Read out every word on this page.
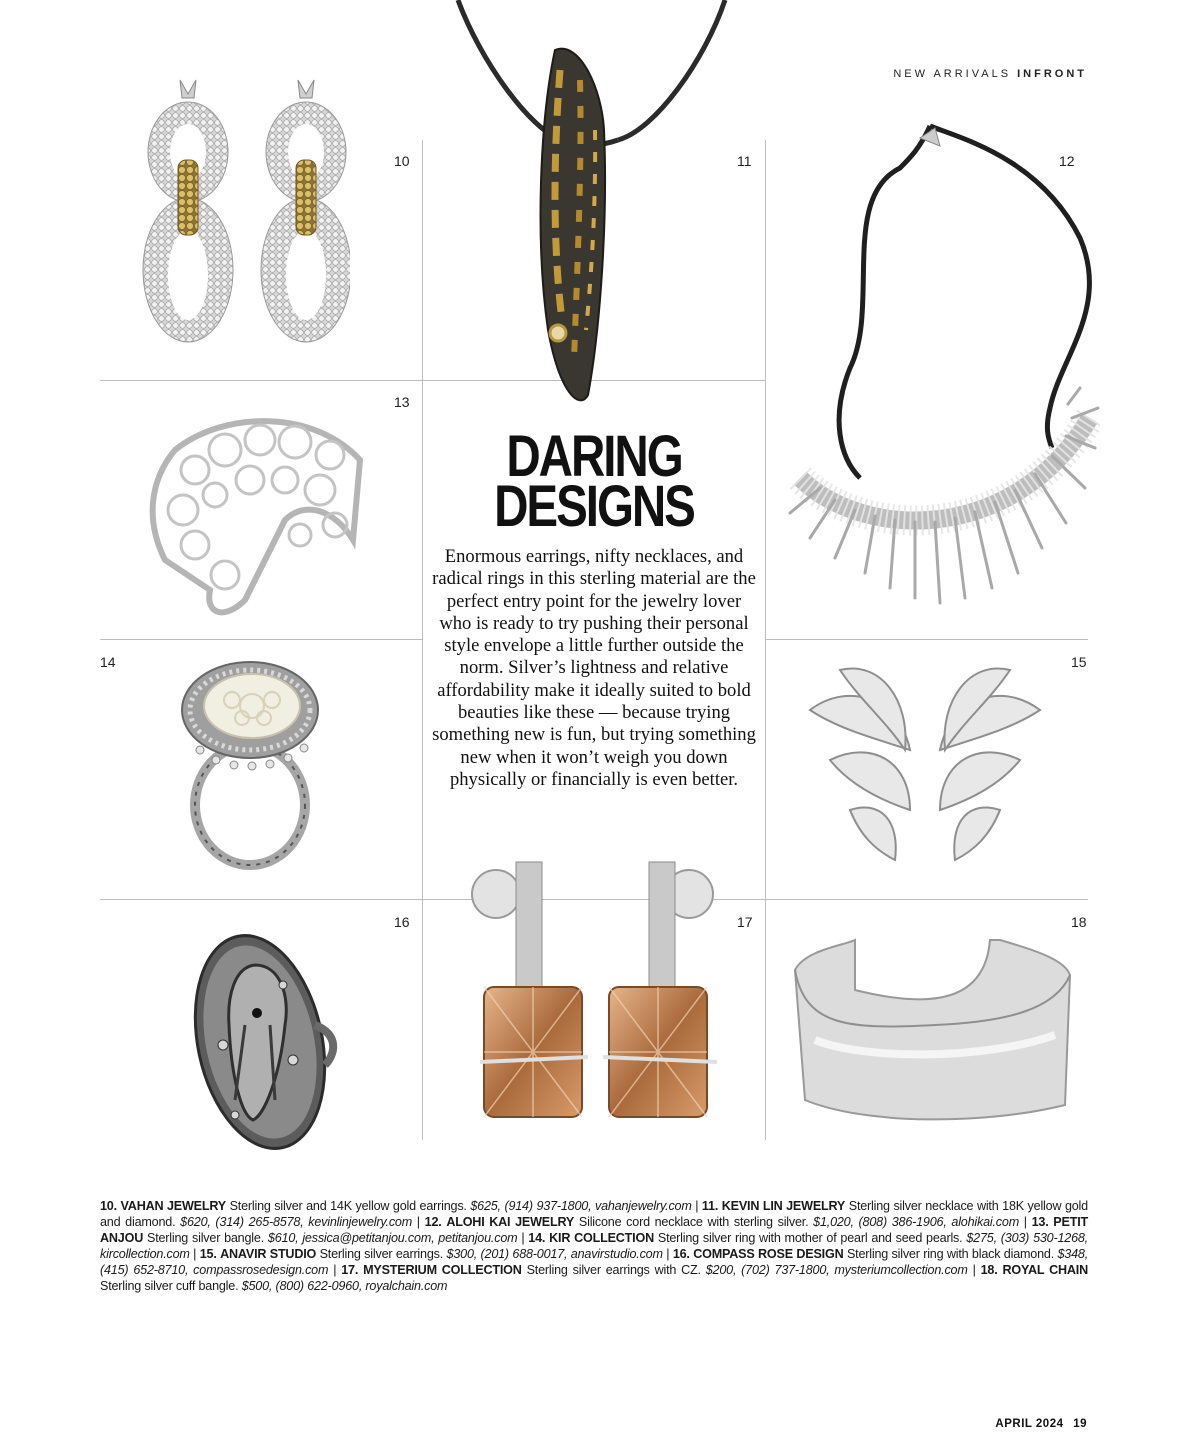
NEW ARRIVALS INFRONT
10	11	12
13
14	15
16	17	18
DARING
DESIGNS
Enormous earrings, nifty necklaces, and radical rings in this sterling material are the perfect entry point for the jewelry lover who is ready to try pushing their personal style envelope a little further outside the norm. Silver’s lightness and relative affordability make it ideally suited to bold beauties like these — because trying something new is fun, but trying something new when it won’t weigh you down physically or financially is even better.
10. VAHAN JEWELRY Sterling silver and 14K yellow gold earrings. $625, (914) 937-1800, vahanjewelry.com | 11. KEVIN LIN JEWELRY Sterling silver necklace with 18K yellow gold and diamond. $620, (314) 265-8578, kevinlinjewelry.com | 12. ALOHI KAI JEWELRY Silicone cord necklace with sterling silver. $1,020, (808) 386-1906, alohikai.com | 13. PETIT ANJOU Sterling silver bangle. $610, jessica@petitanjou.com, petitanjou.com | 14. KIR COLLECTION Sterling silver ring with mother of pearl and seed pearls. $275, (303) 530-1268, kircollection.com | 15. ANAVIR STUDIO Sterling silver earrings. $300, (201) 688-0017, anavirstudio.com | 16. COMPASS ROSE DESIGN Sterling silver ring with black diamond. $348, (415) 652-8710, compassrosedesign.com | 17. MYSTERIUM COLLECTION Sterling silver earrings with CZ. $200, (702) 737-1800, mysteriumcollection.com | 18. ROYAL CHAIN Sterling silver cuff bangle. $500, (800) 622-0960, royalchain.com
APRIL 2024 19
